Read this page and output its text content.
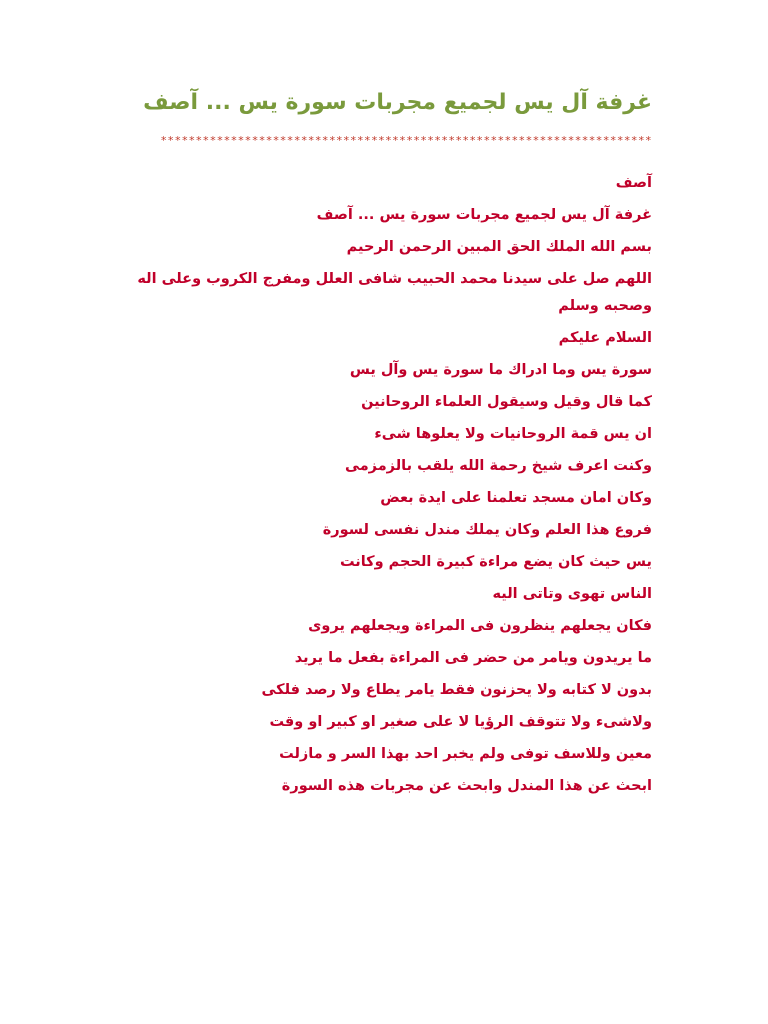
غرفة آل يس لجميع مجربات سورة يس ... آصف
**********************************************************************
آصف
غرفة آل يس لجميع مجربات سورة يس ... آصف
بسم الله الملك الحق المبين الرحمن الرحيم
اللهم صل على سيدنا محمد الحبيب شافى العلل ومفرج الكروب وعلى اله وصحبه وسلم
السلام عليكم
سورة يس وما ادراك ما سورة يس وآل يس
كما قال وقيل وسيقول العلماء الروحانين
ان يس قمة الروحانيات ولا يعلوها شىء
وكنت اعرف شيخ رحمة الله يلقب بالزمزمى
وكان امان مسجد تعلمنا على ايدة بعض
فروع هذا العلم وكان يملك مندل نفسى لسورة
يس حيث كان يضع مراءة كبيرة الحجم وكانت
الناس تهوى وتاتى اليه
فكان يجعلهم ينظرون فى المراءة ويجعلهم يروى
ما يريدون ويامر من حضر فى المراءة بفعل ما يريد
بدون لا كتابه ولا يحزنون فقط يامر يطاع ولا رصد فلكى
ولاشىء ولا تتوقف الرؤيا لا على صغير او كبير او وقت
معين وللاسف توفى ولم يخبر احد بهذا السر و مازلت
ابحث عن هذا المندل وابحث عن مجربات هذه السورة
